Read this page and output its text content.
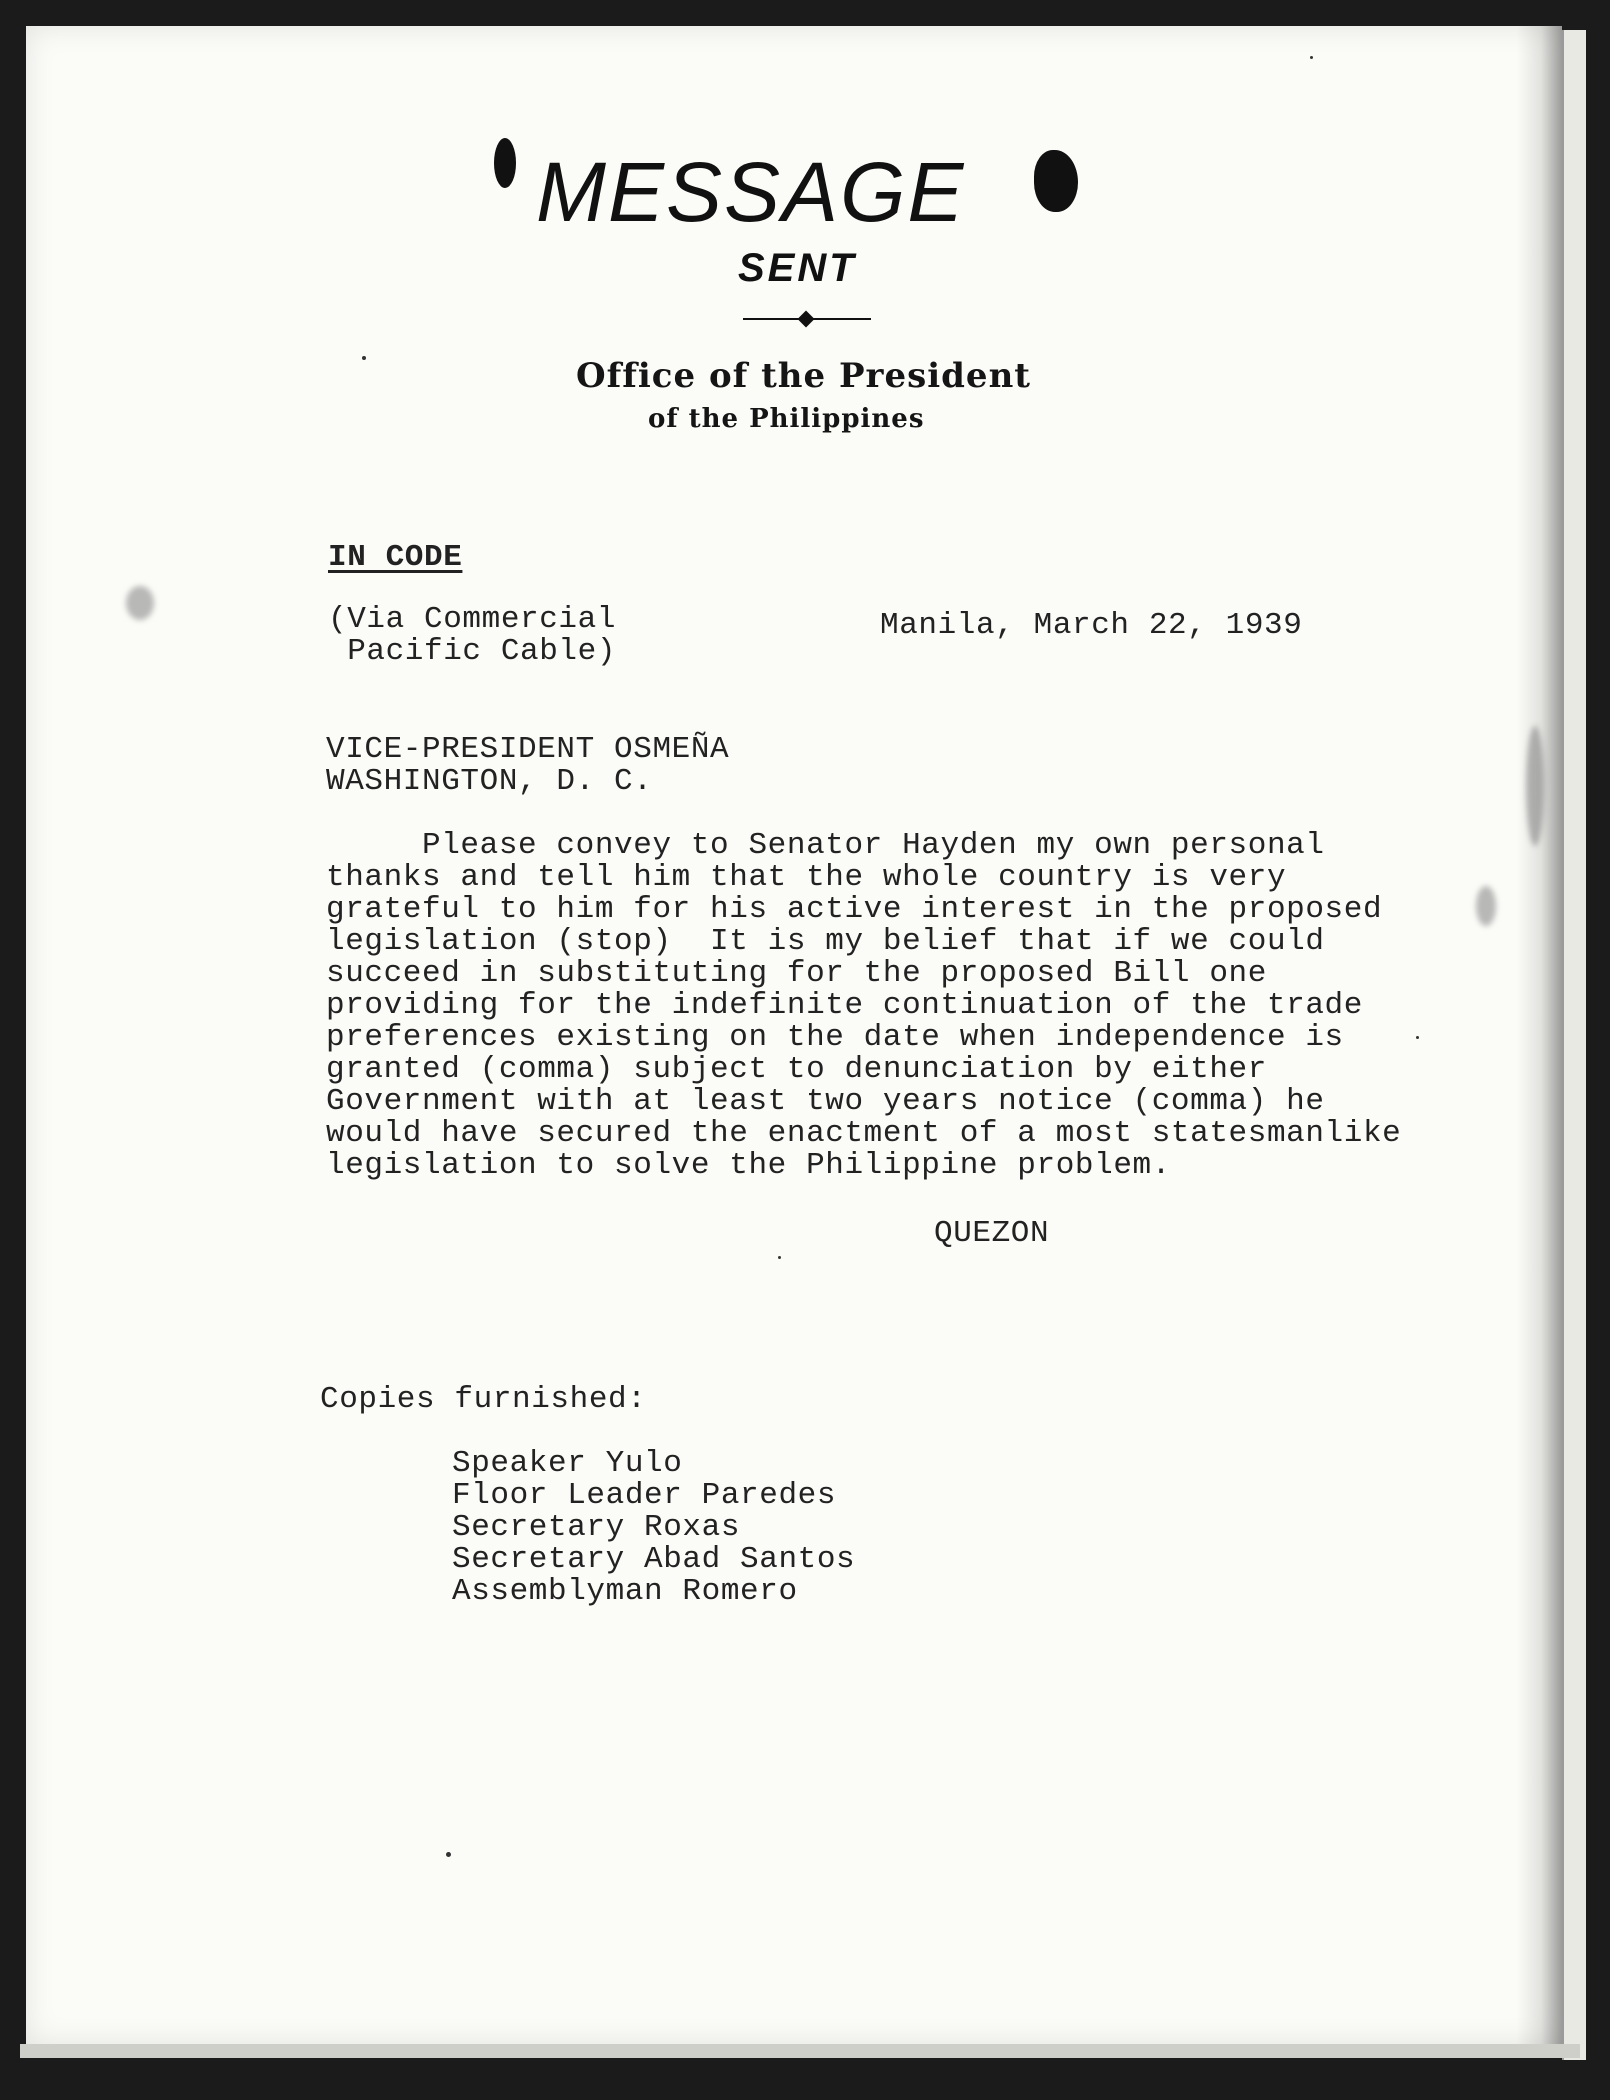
MESSAGE
SENT
Office of the President
of the Philippines
IN CODE
(Via Commercial
Pacific Cable)
Manila, March 22, 1939
VICE-PRESIDENT OSMEÑA
WASHINGTON, D. C.
Please convey to Senator Hayden my own personal
thanks and tell him that the whole country is very
grateful to him for his active interest in the proposed
legislation (stop)  It is my belief that if we could
succeed in substituting for the proposed Bill one
providing for the indefinite continuation of the trade
preferences existing on the date when independence is
granted (comma) subject to denunciation by either
Government with at least two years notice (comma) he
would have secured the enactment of a most statesmanlike
legislation to solve the Philippine problem.
QUEZON
Copies furnished:
Speaker Yulo
Floor Leader Paredes
Secretary Roxas
Secretary Abad Santos
Assemblyman Romero
